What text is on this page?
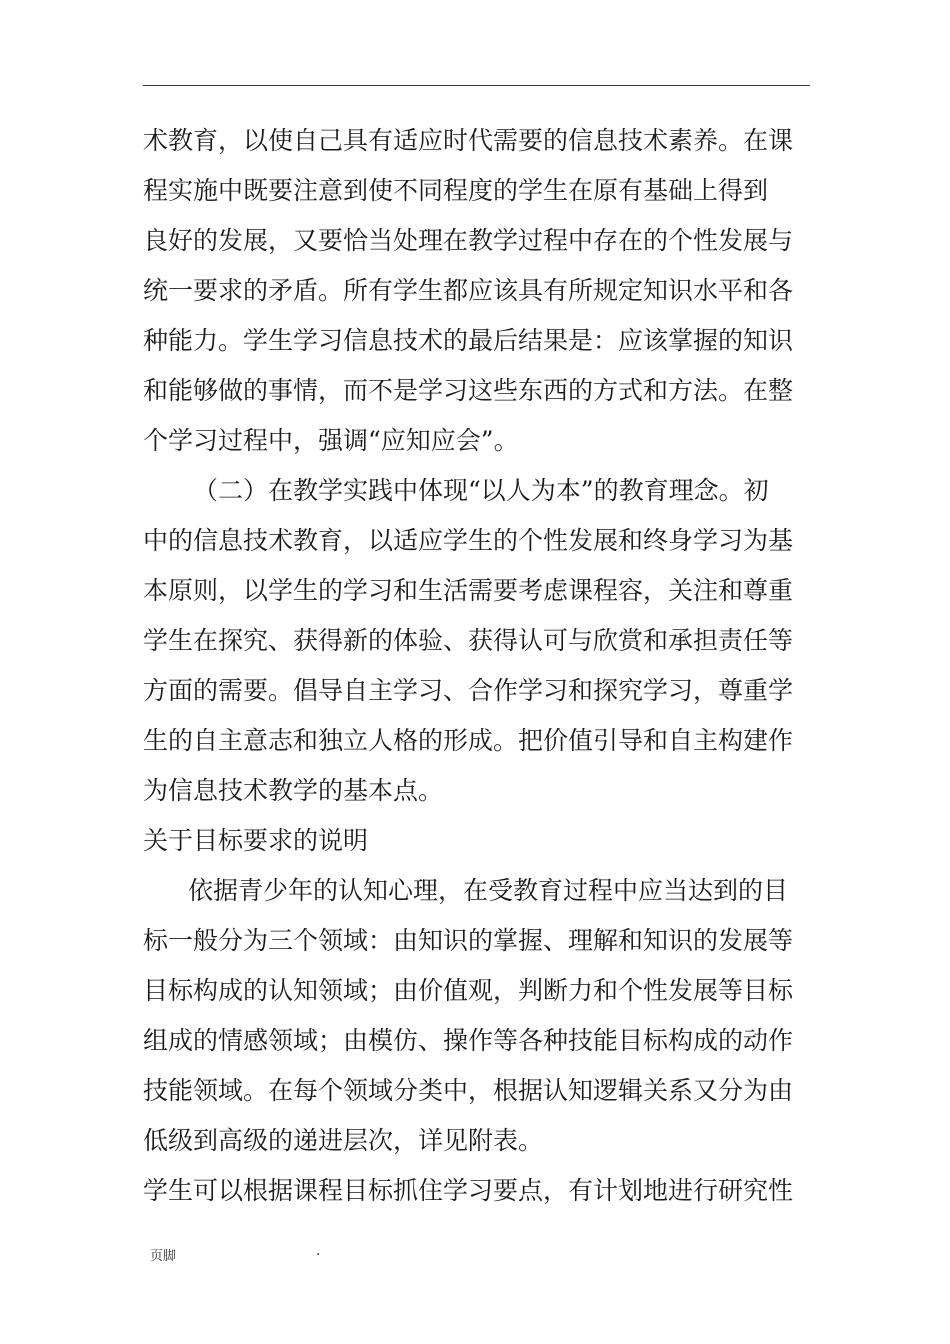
术教育，以使自己具有适应时代需要的信息技术素养。在课
程实施中既要注意到使不同程度的学生在原有基础上得到
良好的发展，又要恰当处理在教学过程中存在的个性发展与
统一要求的矛盾。所有学生都应该具有所规定知识水平和各
种能力。学生学习信息技术的最后结果是：应该掌握的知识
和能够做的事情，而不是学习这些东西的方式和方法。在整
个学习过程中，强调“应知应会”。
（二）在教学实践中体现“以人为本”的教育理念。初
中的信息技术教育，以适应学生的个性发展和终身学习为基
本原则，以学生的学习和生活需要考虑课程容，关注和尊重
学生在探究、获得新的体验、获得认可与欣赏和承担责任等
方面的需要。倡导自主学习、合作学习和探究学习，尊重学
生的自主意志和独立人格的形成。把价值引导和自主构建作
为信息技术教学的基本点。
关于目标要求的说明
依据青少年的认知心理，在受教育过程中应当达到的目
标一般分为三个领域：由知识的掌握、理解和知识的发展等
目标构成的认知领域；由价值观，判断力和个性发展等目标
组成的情感领域；由模仿、操作等各种技能目标构成的动作
技能领域。在每个领域分类中，根据认知逻辑关系又分为由
低级到高级的递进层次，详见附表。
学生可以根据课程目标抓住学习要点，有计划地进行研究性
页脚	.
